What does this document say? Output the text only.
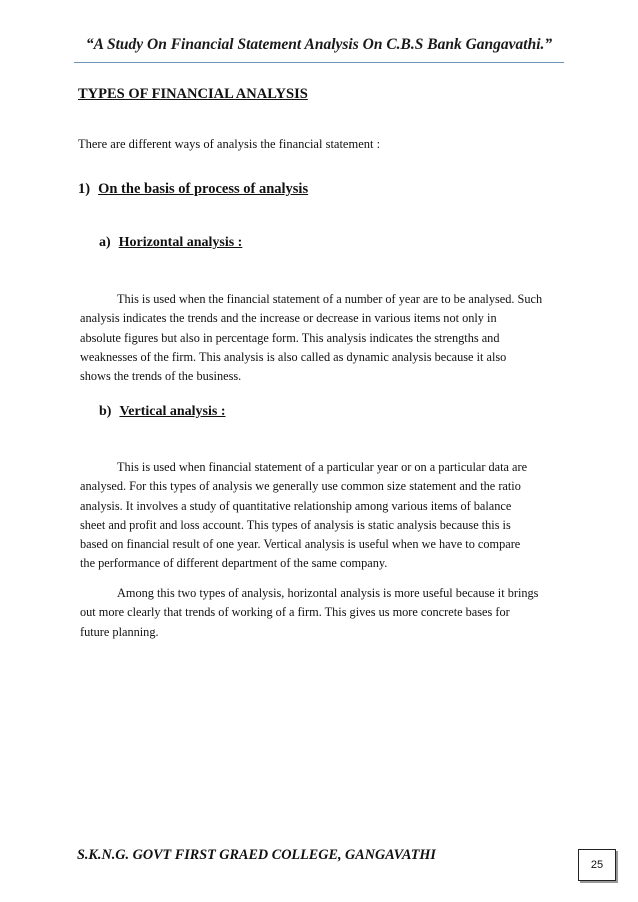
“A Study On Financial Statement Analysis On C.B.S Bank Gangavathi.”
TYPES OF FINANCIAL ANALYSIS
There are different ways of analysis the financial statement :
1) On the basis of process of analysis
a) Horizontal analysis :

This is used when the financial statement of a number of year are to be analysed. Such
analysis indicates the trends and the increase or decrease in various items not only in
absolute figures but also in percentage form. This analysis indicates the strengths and
weaknesses of the firm. This analysis is also called as dynamic analysis because it also
shows the trends of the business.

b) Vertical analysis :

This is used when financial statement of a particular year or on a particular data are
analysed. For this types of analysis we generally use common size statement and the ratio
analysis. It involves a study of quantitative relationship among various items of balance
sheet and profit and loss account. This types of analysis is static analysis because this is
based on financial result of one year. Vertical analysis is useful when we have to compare
the performance of different department of the same company.

Among this two types of analysis, horizontal analysis is more useful because it brings
out more clearly that trends of working of a firm. This gives us more concrete bases for
future planning.

S.K.N.G. GOVT FIRST GRAED COLLEGE, GANGAVATHI
25
